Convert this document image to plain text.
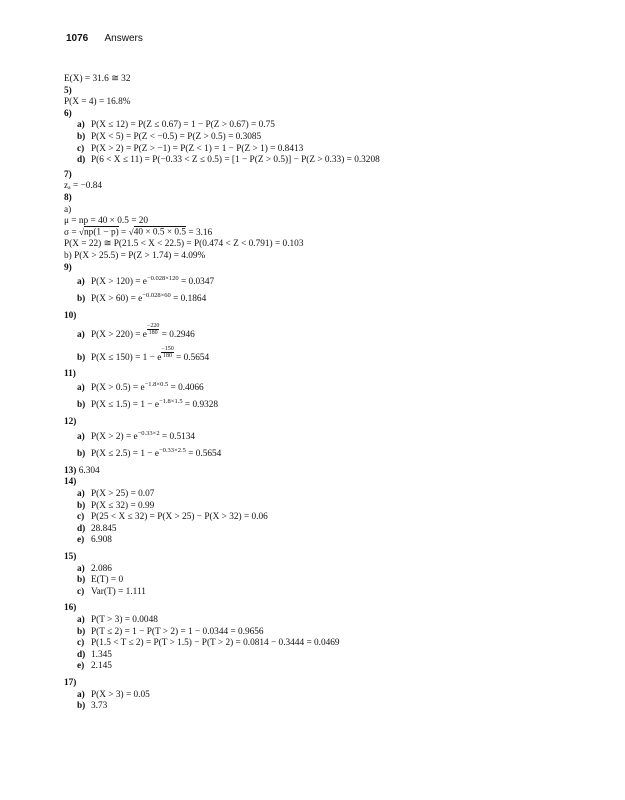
1076 Answers
E(X) = 31.6 ≅ 32
5)
P(X = 4) = 16.8%
6)
a) P(X ≤ 12) = P(Z ≤ 0.67) = 1 − P(Z > 0.67) = 0.75
b) P(X < 5) = P(Z < −0.5) = P(Z > 0.5) = 0.3085
c) P(X > 2) = P(Z > −1) = P(Z < 1) = 1 − P(Z > 1) = 0.8413
d) P(6 < X ≤ 11) = P(−0.33 < Z ≤ 0.5) = [1 − P(Z > 0.5)] − P(Z > 0.33) = 0.3208
7)
zₐ = −0.84
8)
a)
μ = np = 40 × 0.5 = 20
σ = √np(1 − p) = √40 × 0.5 × 0.5 = 3.16
P(X = 22) ≅ P(21.5 < X < 22.5) = P(0.474 < Z < 0.791) = 0.103
b) P(X > 25.5) = P(Z > 1.74) = 4.09%
9)
a) $P(X > 120) = e^{-0.028\times 120} = 0.0347$
b) $P(X > 60) = e^{-0.028\times 60} = 0.1864$
10)
a) P(X > 220) = e $\frac{-220}{180} = 0.2946$
b) P(X ≤ 150) = 1 − e $\frac{-150}{180} = 0.5654$
11)
a) $P(X > 0.5) = e^{-1.8\times 0.5} = 0.4066$
b) $P(X \le 1.5) = 1 - e^{-1.8\times 1.5} = 0.9328$
12)
a) $P(X > 2) = e^{-0.33\times 2} = 0.5134$
b) $P(X \le 2.5) = 1 - e^{-0.33\times 2.5} = 0.5654$
13) 6.304
14)
a) P(X > 25) = 0.07
b) P(X ≤ 32) = 0.99
c) P(25 < X ≤ 32) = P(X > 25) − P(X > 32) = 0.06
d) 28.845
e) 6.908
15)
a) 2.086
b) E(T) = 0
c) Var(T) = 1.111
16)
a) P(T > 3) = 0.0048
b) P(T ≤ 2) = 1 − P(T > 2) = 1 − 0.0344 = 0.9656
c) P(1.5 < T ≤ 2) = P(T > 1.5) − P(T > 2) = 0.0814 − 0.3444 = 0.0469
d) 1.345
e) 2.145
17)
a) P(X > 3) = 0.05
b) 3.73
